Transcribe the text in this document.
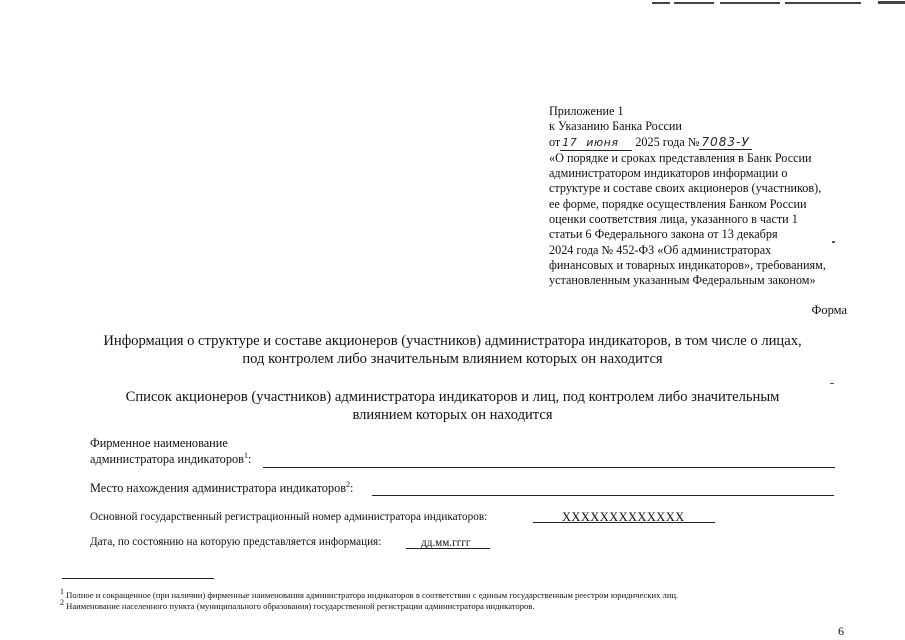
Приложение 1
к Указанию Банка России
от 17 июня 2025 года № 7083-У
«О порядке и сроках представления в Банк России
администратором индикаторов информации о
структуре и составе своих акционеров (участников),
ее форме, порядке осуществления Банком России
оценки соответствия лица, указанного в части 1
статьи 6 Федерального закона от 13 декабря
2024 года № 452-ФЗ «Об администраторах
финансовых и товарных индикаторов», требованиям,
установленным указанным Федеральным законом»
Форма
Информация о структуре и составе акционеров (участников) администратора индикаторов, в том числе о лицах,
под контролем либо значительным влиянием которых он находится
Список акционеров (участников) администратора индикаторов и лиц, под контролем либо значительным
влиянием которых он находится
Фирменное наименование
администратора индикаторов$^1$:
Место нахождения администратора индикаторов$^2$:
Основной государственный регистрационный номер администратора индикаторов:	XXXXXXXXXXXXX
Дата, по состоянию на которую представляется информация:	дд.мм.гггг
$^1$ Полное и сокращенное (при наличии) фирменные наименования администратора индикаторов в соответствии с единым государственным реестром юридических лиц.
$^2$ Наименование населенного пункта (муниципального образования) государственной регистрации администратора индикаторов.
6
